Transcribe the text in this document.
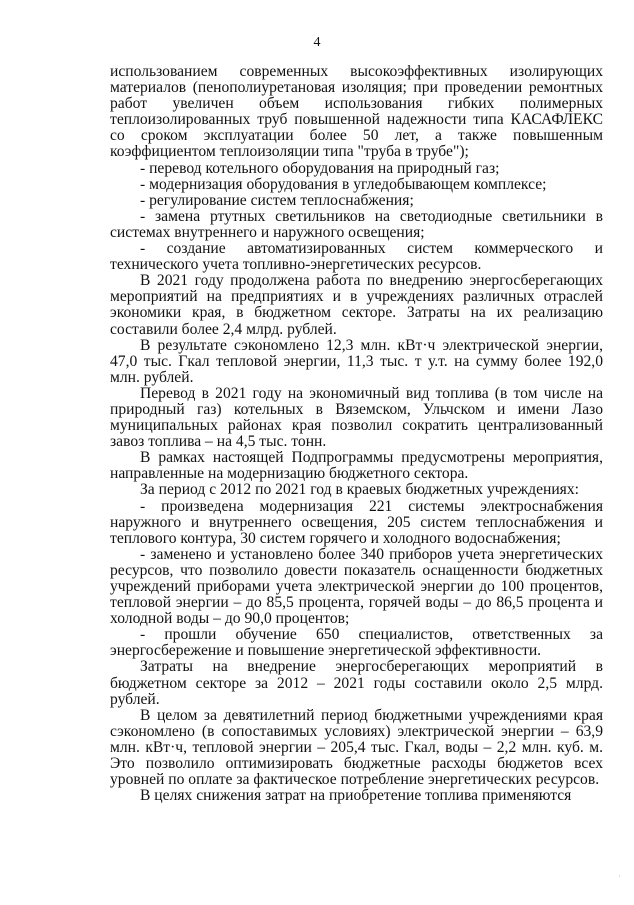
4

использованием современных высокоэффективных изолирующих материалов (пенополиуретановая изоляция; при проведении ремонтных работ увеличен объем использования гибких полимерных теплоизолированных труб повышенной надежности типа КАСАФЛЕКС со сроком эксплуатации более 50 лет, а также повышенным коэффициентом теплоизоляции типа "труба в трубе");

- перевод котельного оборудования на природный газ;

- модернизация оборудования в угледобывающем комплексе;

- регулирование систем теплоснабжения;

- замена ртутных светильников на светодиодные светильники в системах внутреннего и наружного освещения;

- создание автоматизированных систем коммерческого и технического учета топливно-энергетических ресурсов.

В 2021 году продолжена работа по внедрению энергосберегающих мероприятий на предприятиях и в учреждениях различных отраслей экономики края, в бюджетном секторе. Затраты на их реализацию составили более 2,4 млрд. рублей.

В результате сэкономлено 12,3 млн. кВт·ч электрической энергии, 47,0 тыс. Гкал тепловой энергии, 11,3 тыс. т у.т. на сумму более 192,0 млн. рублей.

Перевод в 2021 году на экономичный вид топлива (в том числе на природный газ) котельных в Вяземском, Ульчском и имени Лазо муниципальных районах края позволил сократить централизованный завоз топлива – на 4,5 тыс. тонн.

В рамках настоящей Подпрограммы предусмотрены мероприятия, направленные на модернизацию бюджетного сектора.

За период с 2012 по 2021 год в краевых бюджетных учреждениях:

- произведена модернизация 221 системы электроснабжения наружного и внутреннего освещения, 205 систем теплоснабжения и теплового контура, 30 систем горячего и холодного водоснабжения;

- заменено и установлено более 340 приборов учета энергетических ресурсов, что позволило довести показатель оснащенности бюджетных учреждений приборами учета электрической энергии до 100 процентов, тепловой энергии – до 85,5 процента, горячей воды – до 86,5 процента и холодной воды – до 90,0 процентов;

- прошли обучение 650 специалистов, ответственных за энергосбережение и повышение энергетической эффективности.

Затраты на внедрение энергосберегающих мероприятий в бюджетном секторе за 2012 – 2021 годы составили около 2,5 млрд. рублей.

В целом за девятилетний период бюджетными учреждениями края сэкономлено (в сопоставимых условиях) электрической энергии – 63,9 млн. кВт·ч, тепловой энергии – 205,4 тыс. Гкал, воды – 2,2 млн. куб. м. Это позволило оптимизировать бюджетные расходы бюджетов всех уровней по оплате за фактическое потребление энергетических ресурсов.

В целях снижения затрат на приобретение топлива применяются

·
